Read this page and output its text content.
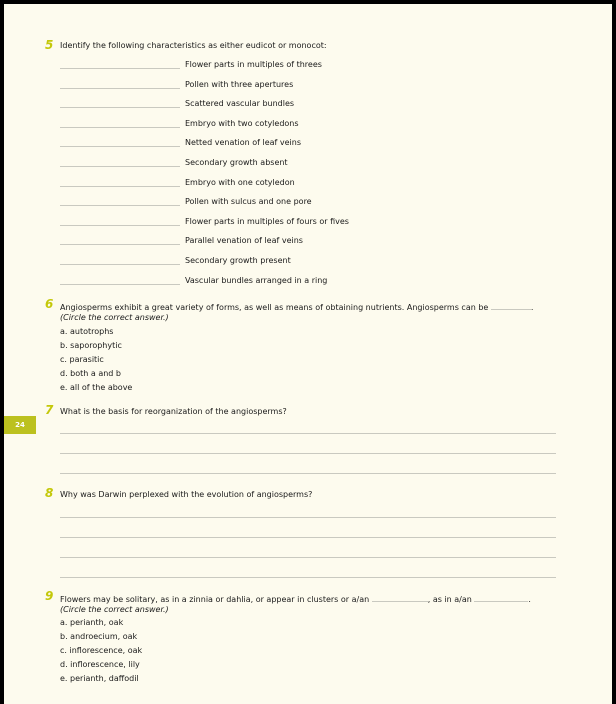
5 Identify the following characteristics as either eudicot or monocot:
Flower parts in multiples of threes
Pollen with three apertures
Scattered vascular bundles
Embryo with two cotyledons
Netted venation of leaf veins
Secondary growth absent
Embryo with one cotyledon
Pollen with sulcus and one pore
Flower parts in multiples of fours or fives
Parallel venation of leaf veins
Secondary growth present
Vascular bundles arranged in a ring
6 Angiosperms exhibit a great variety of forms, as well as means of obtaining nutrients. Angiosperms can be	.
(Circle the correct answer.)
a. autotrophs
b. saporophytic
c. parasitic
d. both a and b
e. all of the above
24
7 What is the basis for reorganization of the angiosperms?
8 Why was Darwin perplexed with the evolution of angiosperms?
9 Flowers may be solitary, as in a zinnia or dahlia, or appear in clusters or a/an	, as in a/an	.
(Circle the correct answer.)
a. perianth, oak
b. androecium, oak
c. inflorescence, oak
d. inflorescence, lily
e. perianth, daffodil
